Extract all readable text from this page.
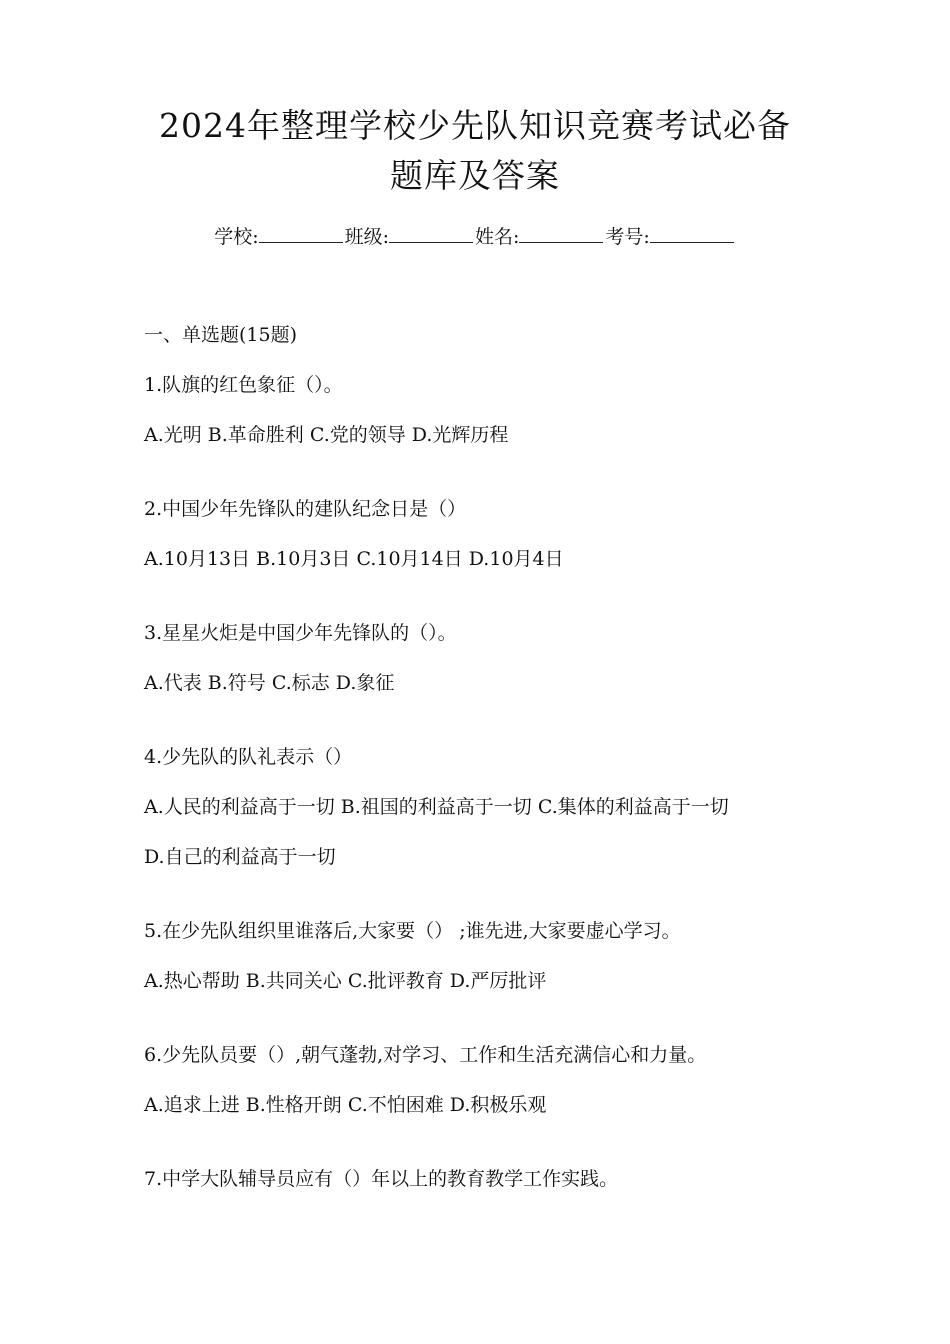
2024年整理学校少先队知识竞赛考试必备
题库及答案
学校:	班级:	姓名:	考号:
一、单选题(15题)
1.队旗的红色象征（）。
A.光明 B.革命胜利 C.党的领导 D.光辉历程
2.中国少年先锋队的建队纪念日是（）
A.10月13日 B.10月3日 C.10月14日 D.10月4日
3.星星火炬是中国少年先锋队的（）。
A.代表 B.符号 C.标志 D.象征
4.少先队的队礼表示（）
A.人民的利益高于一切 B.祖国的利益高于一切 C.集体的利益高于一切
D.自己的利益高于一切
5.在少先队组织里谁落后,大家要（） ;谁先进,大家要虚心学习。
A.热心帮助 B.共同关心 C.批评教育 D.严厉批评
6.少先队员要（）,朝气蓬勃,对学习、工作和生活充满信心和力量。
A.追求上进 B.性格开朗 C.不怕困难 D.积极乐观
7.中学大队辅导员应有（）年以上的教育教学工作实践。
